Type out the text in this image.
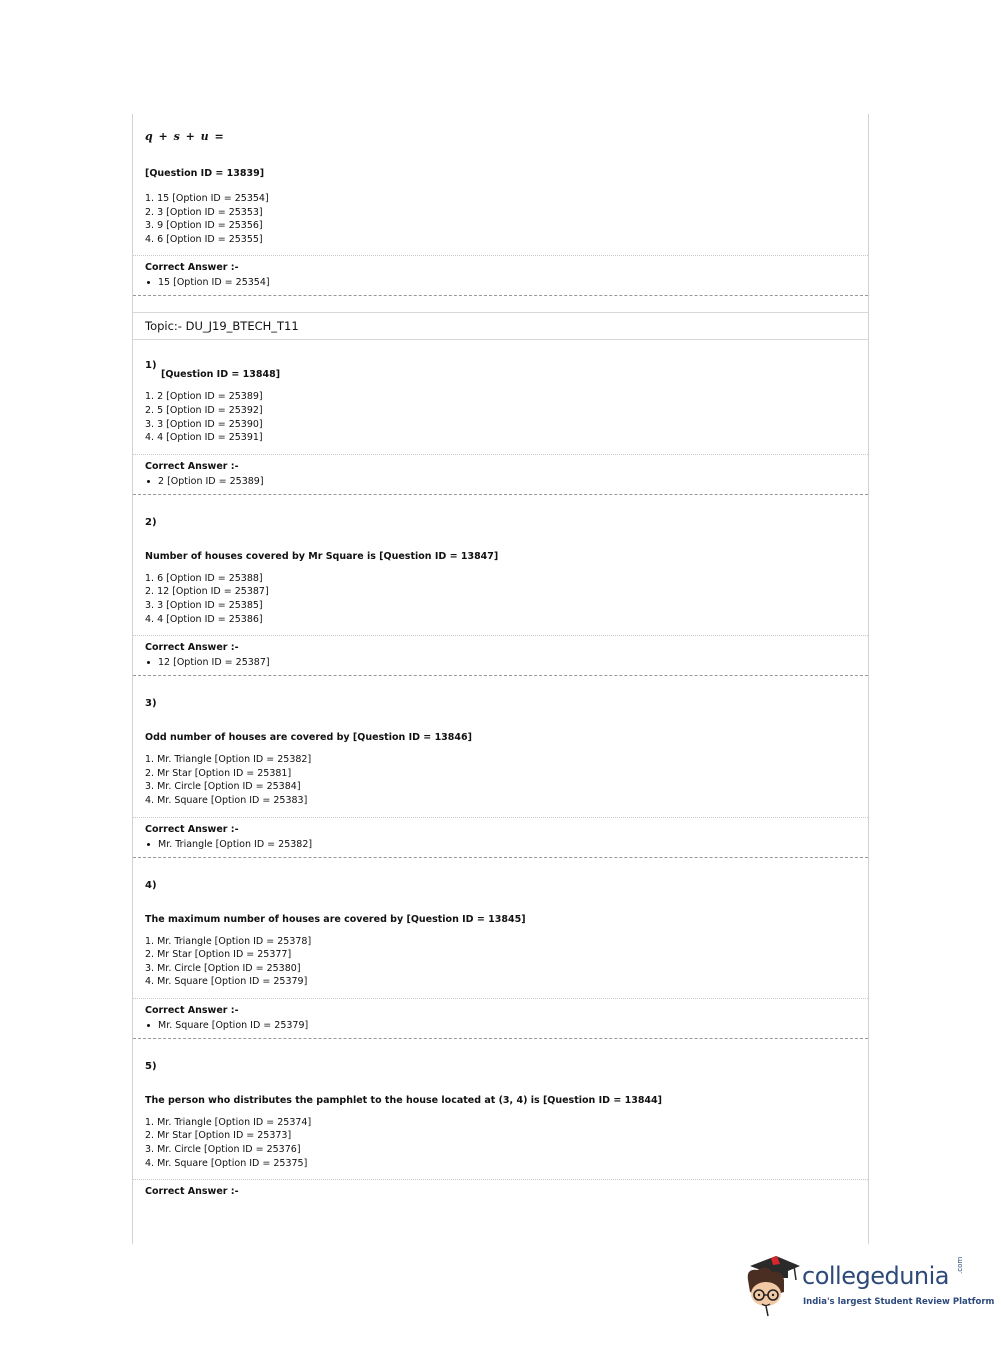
q + s + u =
[Question ID = 13839]
1. 15 [Option ID = 25354]
2. 3 [Option ID = 25353]
3. 9 [Option ID = 25356]
4. 6 [Option ID = 25355]
Correct Answer :-
15 [Option ID = 25354]
Topic:- DU_J19_BTECH_T11
1)
[Question ID = 13848]
1. 2 [Option ID = 25389]
2. 5 [Option ID = 25392]
3. 3 [Option ID = 25390]
4. 4 [Option ID = 25391]
Correct Answer :-
2 [Option ID = 25389]
2)
Number of houses covered by Mr Square is [Question ID = 13847]
1. 6 [Option ID = 25388]
2. 12 [Option ID = 25387]
3. 3 [Option ID = 25385]
4. 4 [Option ID = 25386]
Correct Answer :-
12 [Option ID = 25387]
3)
Odd number of houses are covered by [Question ID = 13846]
1. Mr. Triangle [Option ID = 25382]
2. Mr Star [Option ID = 25381]
3. Mr. Circle [Option ID = 25384]
4. Mr. Square [Option ID = 25383]
Correct Answer :-
Mr. Triangle [Option ID = 25382]
4)
The maximum number of houses are covered by [Question ID = 13845]
1. Mr. Triangle [Option ID = 25378]
2. Mr Star [Option ID = 25377]
3. Mr. Circle [Option ID = 25380]
4. Mr. Square [Option ID = 25379]
Correct Answer :-
Mr. Square [Option ID = 25379]
5)
The person who distributes the pamphlet to the house located at (3, 4) is [Question ID = 13844]
1. Mr. Triangle [Option ID = 25374]
2. Mr Star [Option ID = 25373]
3. Mr. Circle [Option ID = 25376]
4. Mr. Square [Option ID = 25375]
Correct Answer :-
collegedunia .com
India's largest Student Review Platform
